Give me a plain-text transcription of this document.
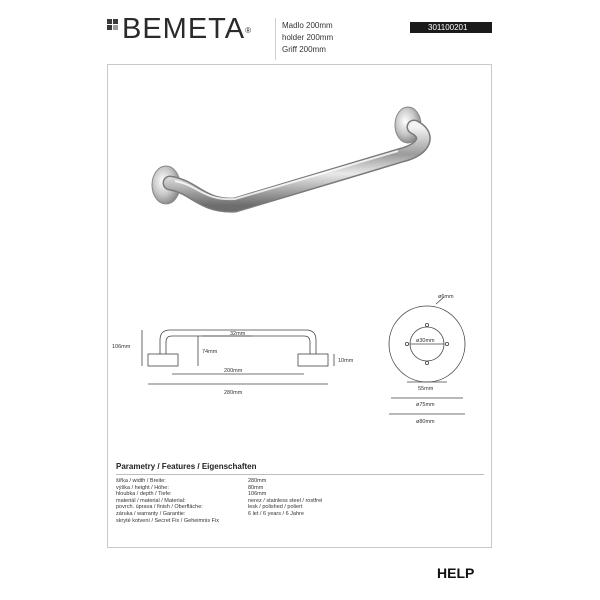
BEMETA®
Madlo 200mm
holder 200mm
Griff 200mm
301100201
106mm
74mm
32mm
10mm
200mm
280mm
ø6mm
ø30mm
55mm
ø75mm
ø80mm
Parametry / Features / Eigenschaften
šířka / width / Breite:	280mm
výška / height / Höhe:	80mm
hloubka / depth / Tiefe:	106mm
materiál / material / Material:	nerez / stainless steel / rostfrei
povrch. úprava / finish / Oberfläche:	lesk / polished / poliert
záruka / warranty / Garantie:	6 let / 6 years / 6 Jahre
skryté kotvení / Secret Fix / Geheimnis Fix
HELP
